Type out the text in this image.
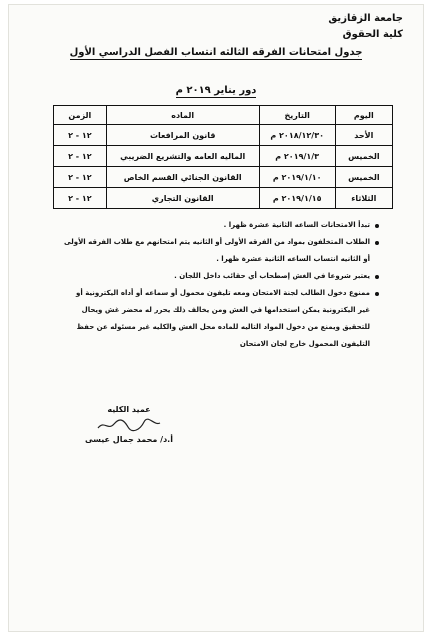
جامعة الزقازيق
كلية الحقوق
جدول امتحانات الفرقه الثالثه انتساب الفصل الدراسي الأول
دور يناير ٢٠١٩ م
اليوم	التاريخ	الماده	الزمن
الأحد	٢٠١٨/١٢/٣٠ م	قانون المرافعات	١٢ - ٢
الخميس	٢٠١٩/١/٣ م	الماليه العامه والتشريع الضريبي	١٢ - ٢
الخميس	٢٠١٩/١/١٠ م	القانون الجنائي القسم الخاص	١٢ - ٢
الثلاثاء	٢٠١٩/١/١٥ م	القانون التجاري	١٢ - ٢
تبدأ الامتحانات الساعه الثانية عشرة ظهرا .
الطلاب المتخلفون بمواد من الفرقه الأولى أو الثانيه يتم امتحانهم مع طلاب الفرقه الأولى
أو الثانيه انتساب الساعه الثانية عشرة ظهرا .
يعتبر شروعا في الغش إصطحاب أي حقائب داخل اللجان .
ممنوع دخول الطالب لجنة الامتحان ومعه تليفون محمول أو سماعه أو أداه اليكترونية أو
غير اليكترونية يمكن استخدامها في الغش ومن يخالف ذلك يحرر له محضر غش ويحال
للتحقيق ويمنع من دخول المواد التاليه للماده محل الغش والكليه غير مسئوله عن حفظ
التليفون المحمول خارج لجان الامتحان
عميد الكليه
أ.د/ محمد جمال عيسى
